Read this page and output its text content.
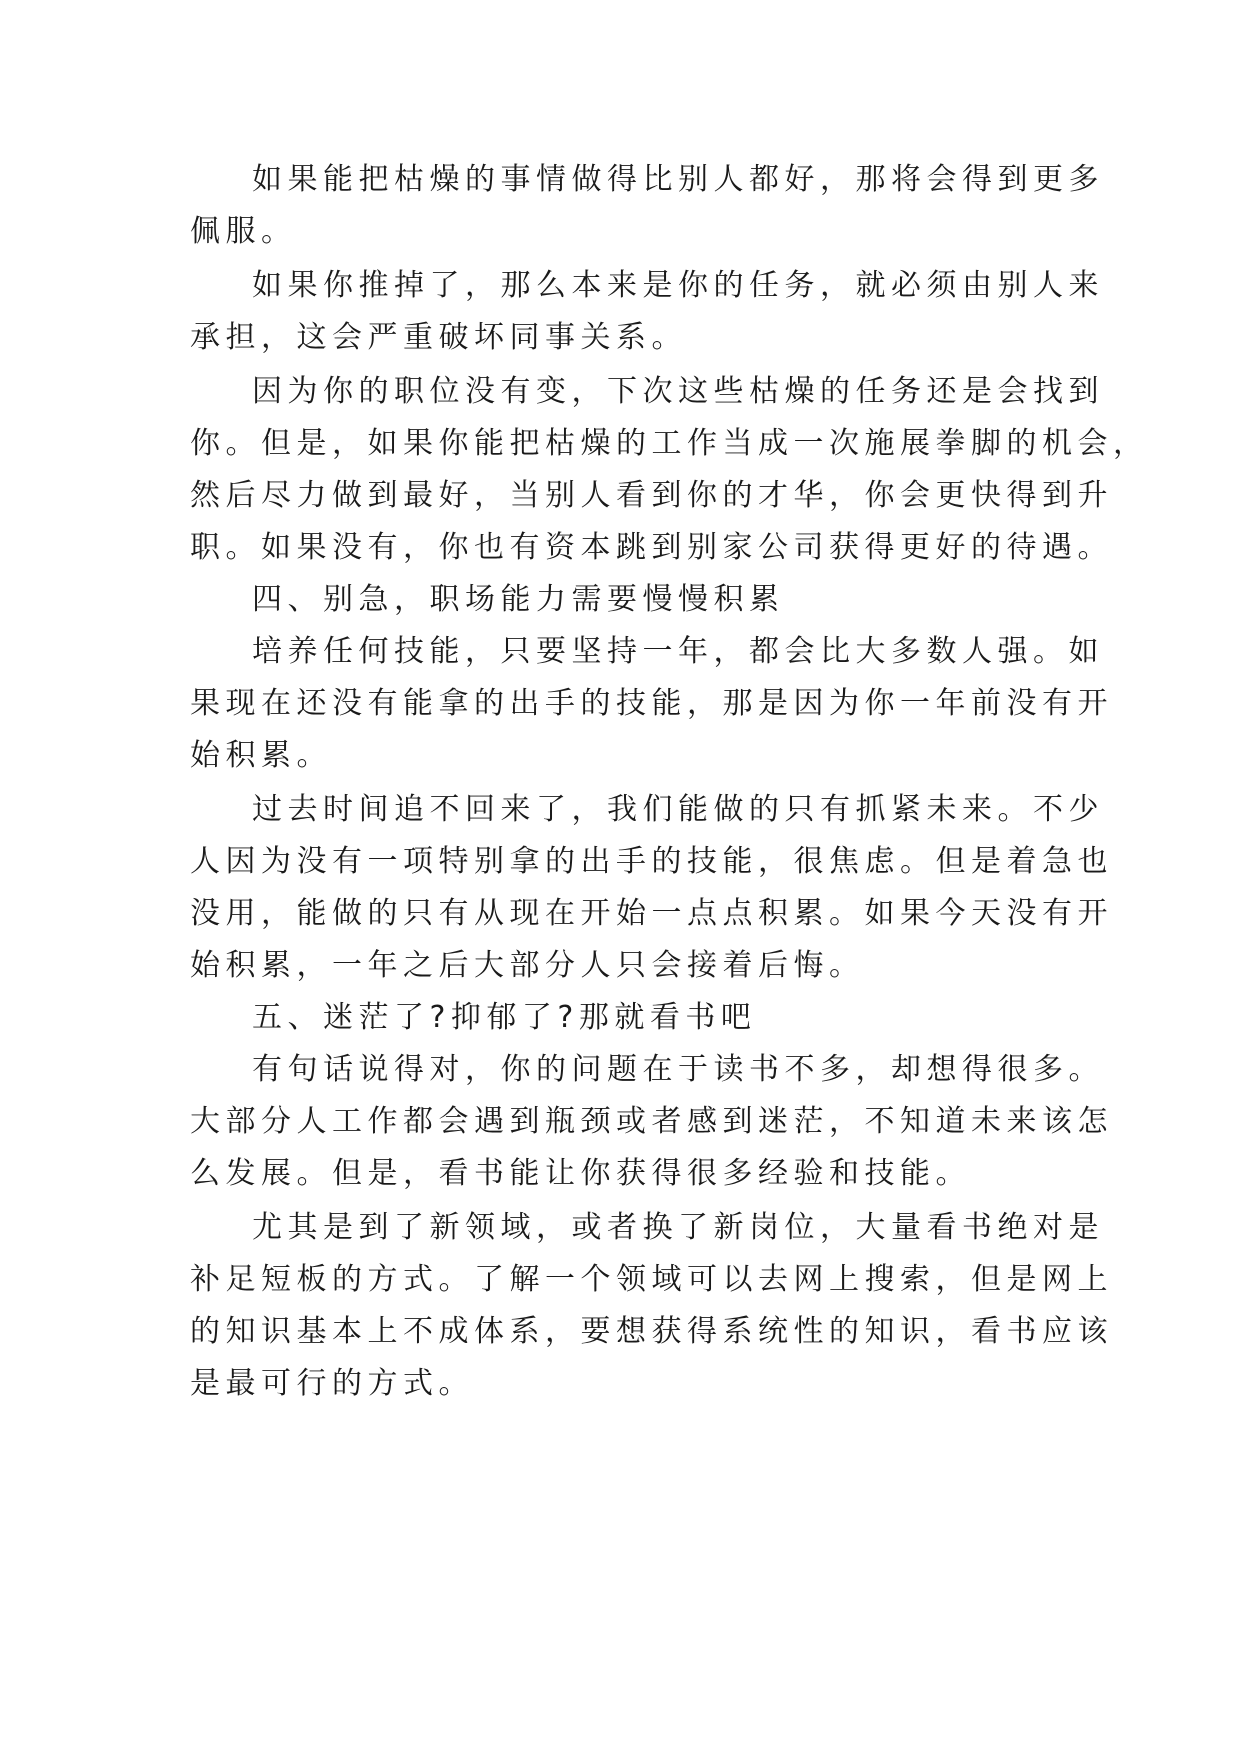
如果能把枯燥的事情做得比别人都好，那将会得到更多
佩服。
如果你推掉了，那么本来是你的任务，就必须由别人来
承担，这会严重破坏同事关系。
因为你的职位没有变，下次这些枯燥的任务还是会找到
你。但是，如果你能把枯燥的工作当成一次施展拳脚的机会，
然后尽力做到最好，当别人看到你的才华，你会更快得到升
职。如果没有，你也有资本跳到别家公司获得更好的待遇。
四、别急，职场能力需要慢慢积累
培养任何技能，只要坚持一年，都会比大多数人强。如
果现在还没有能拿的出手的技能，那是因为你一年前没有开
始积累。
过去时间追不回来了，我们能做的只有抓紧未来。不少
人因为没有一项特别拿的出手的技能，很焦虑。但是着急也
没用，能做的只有从现在开始一点点积累。如果今天没有开
始积累，一年之后大部分人只会接着后悔。
五、迷茫了?抑郁了?那就看书吧
有句话说得对，你的问题在于读书不多，却想得很多。
大部分人工作都会遇到瓶颈或者感到迷茫，不知道未来该怎
么发展。但是，看书能让你获得很多经验和技能。
尤其是到了新领域，或者换了新岗位，大量看书绝对是
补足短板的方式。了解一个领域可以去网上搜索，但是网上
的知识基本上不成体系，要想获得系统性的知识，看书应该
是最可行的方式。
